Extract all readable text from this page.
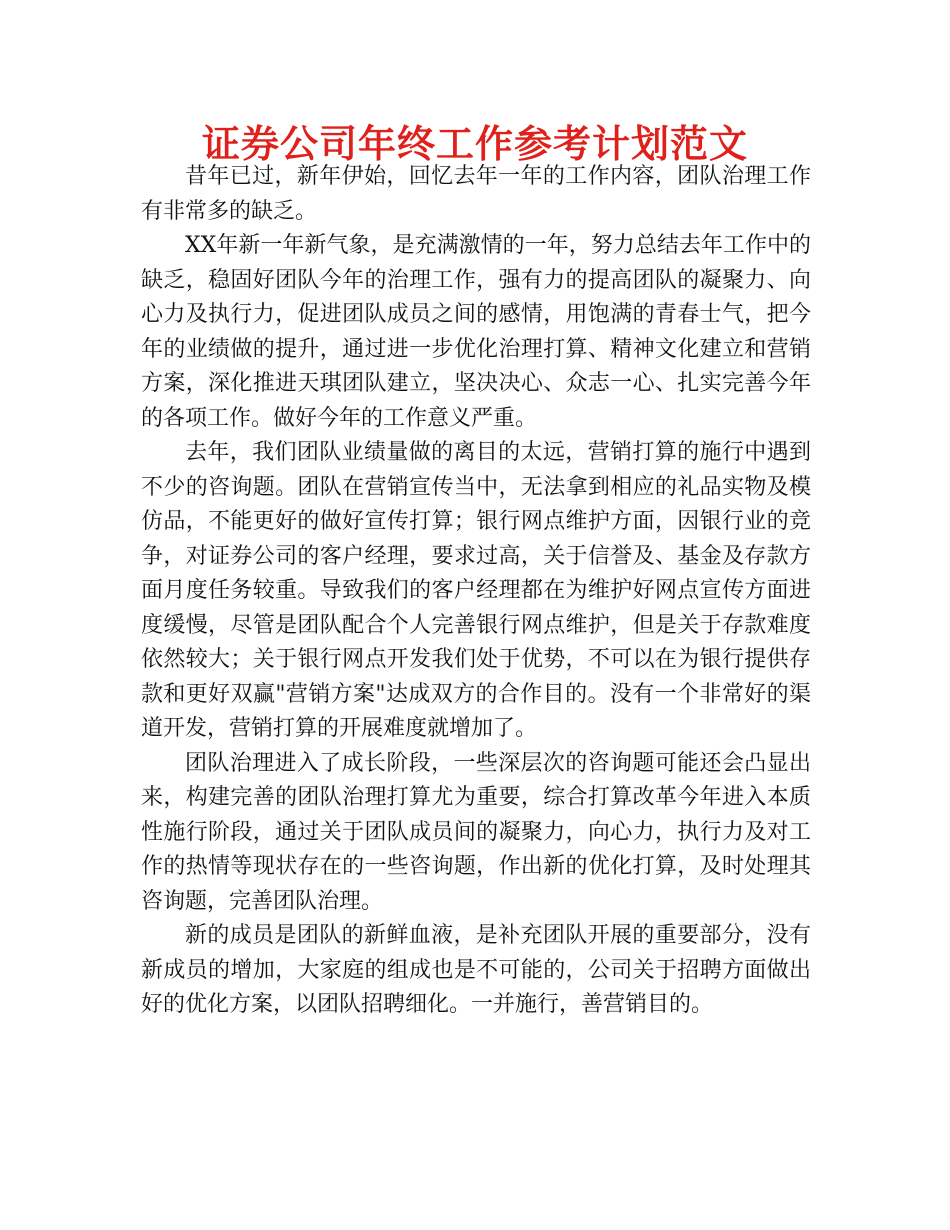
证券公司年终工作参考计划范文

昔年已过，新年伊始，回忆去年一年的工作内容，团队治理工作有非常多的缺乏。

XX年新一年新气象，是充满激情的一年，努力总结去年工作中的缺乏，稳固好团队今年的治理工作，强有力的提高团队的凝聚力、向心力及执行力，促进团队成员之间的感情，用饱满的青春士气，把今年的业绩做的提升，通过进一步优化治理打算、精神文化建立和营销方案，深化推进天琪团队建立，坚决决心、众志一心、扎实完善今年的各项工作。做好今年的工作意义严重。

去年，我们团队业绩量做的离目的太远，营销打算的施行中遇到不少的咨询题。团队在营销宣传当中，无法拿到相应的礼品实物及模仿品，不能更好的做好宣传打算；银行网点维护方面，因银行业的竞争，对证券公司的客户经理，要求过高，关于信誉及、基金及存款方面月度任务较重。导致我们的客户经理都在为维护好网点宣传方面进度缓慢，尽管是团队配合个人完善银行网点维护，但是关于存款难度依然较大；关于银行网点开发我们处于优势，不可以在为银行提供存款和更好双赢"营销方案"达成双方的合作目的。没有一个非常好的渠道开发，营销打算的开展难度就增加了。

团队治理进入了成长阶段，一些深层次的咨询题可能还会凸显出来，构建完善的团队治理打算尤为重要，综合打算改革今年进入本质性施行阶段，通过关于团队成员间的凝聚力，向心力，执行力及对工作的热情等现状存在的一些咨询题，作出新的优化打算，及时处理其咨询题，完善团队治理。

新的成员是团队的新鲜血液，是补充团队开展的重要部分，没有新成员的增加，大家庭的组成也是不可能的，公司关于招聘方面做出好的优化方案，以团队招聘细化。一并施行，善营销目的。
